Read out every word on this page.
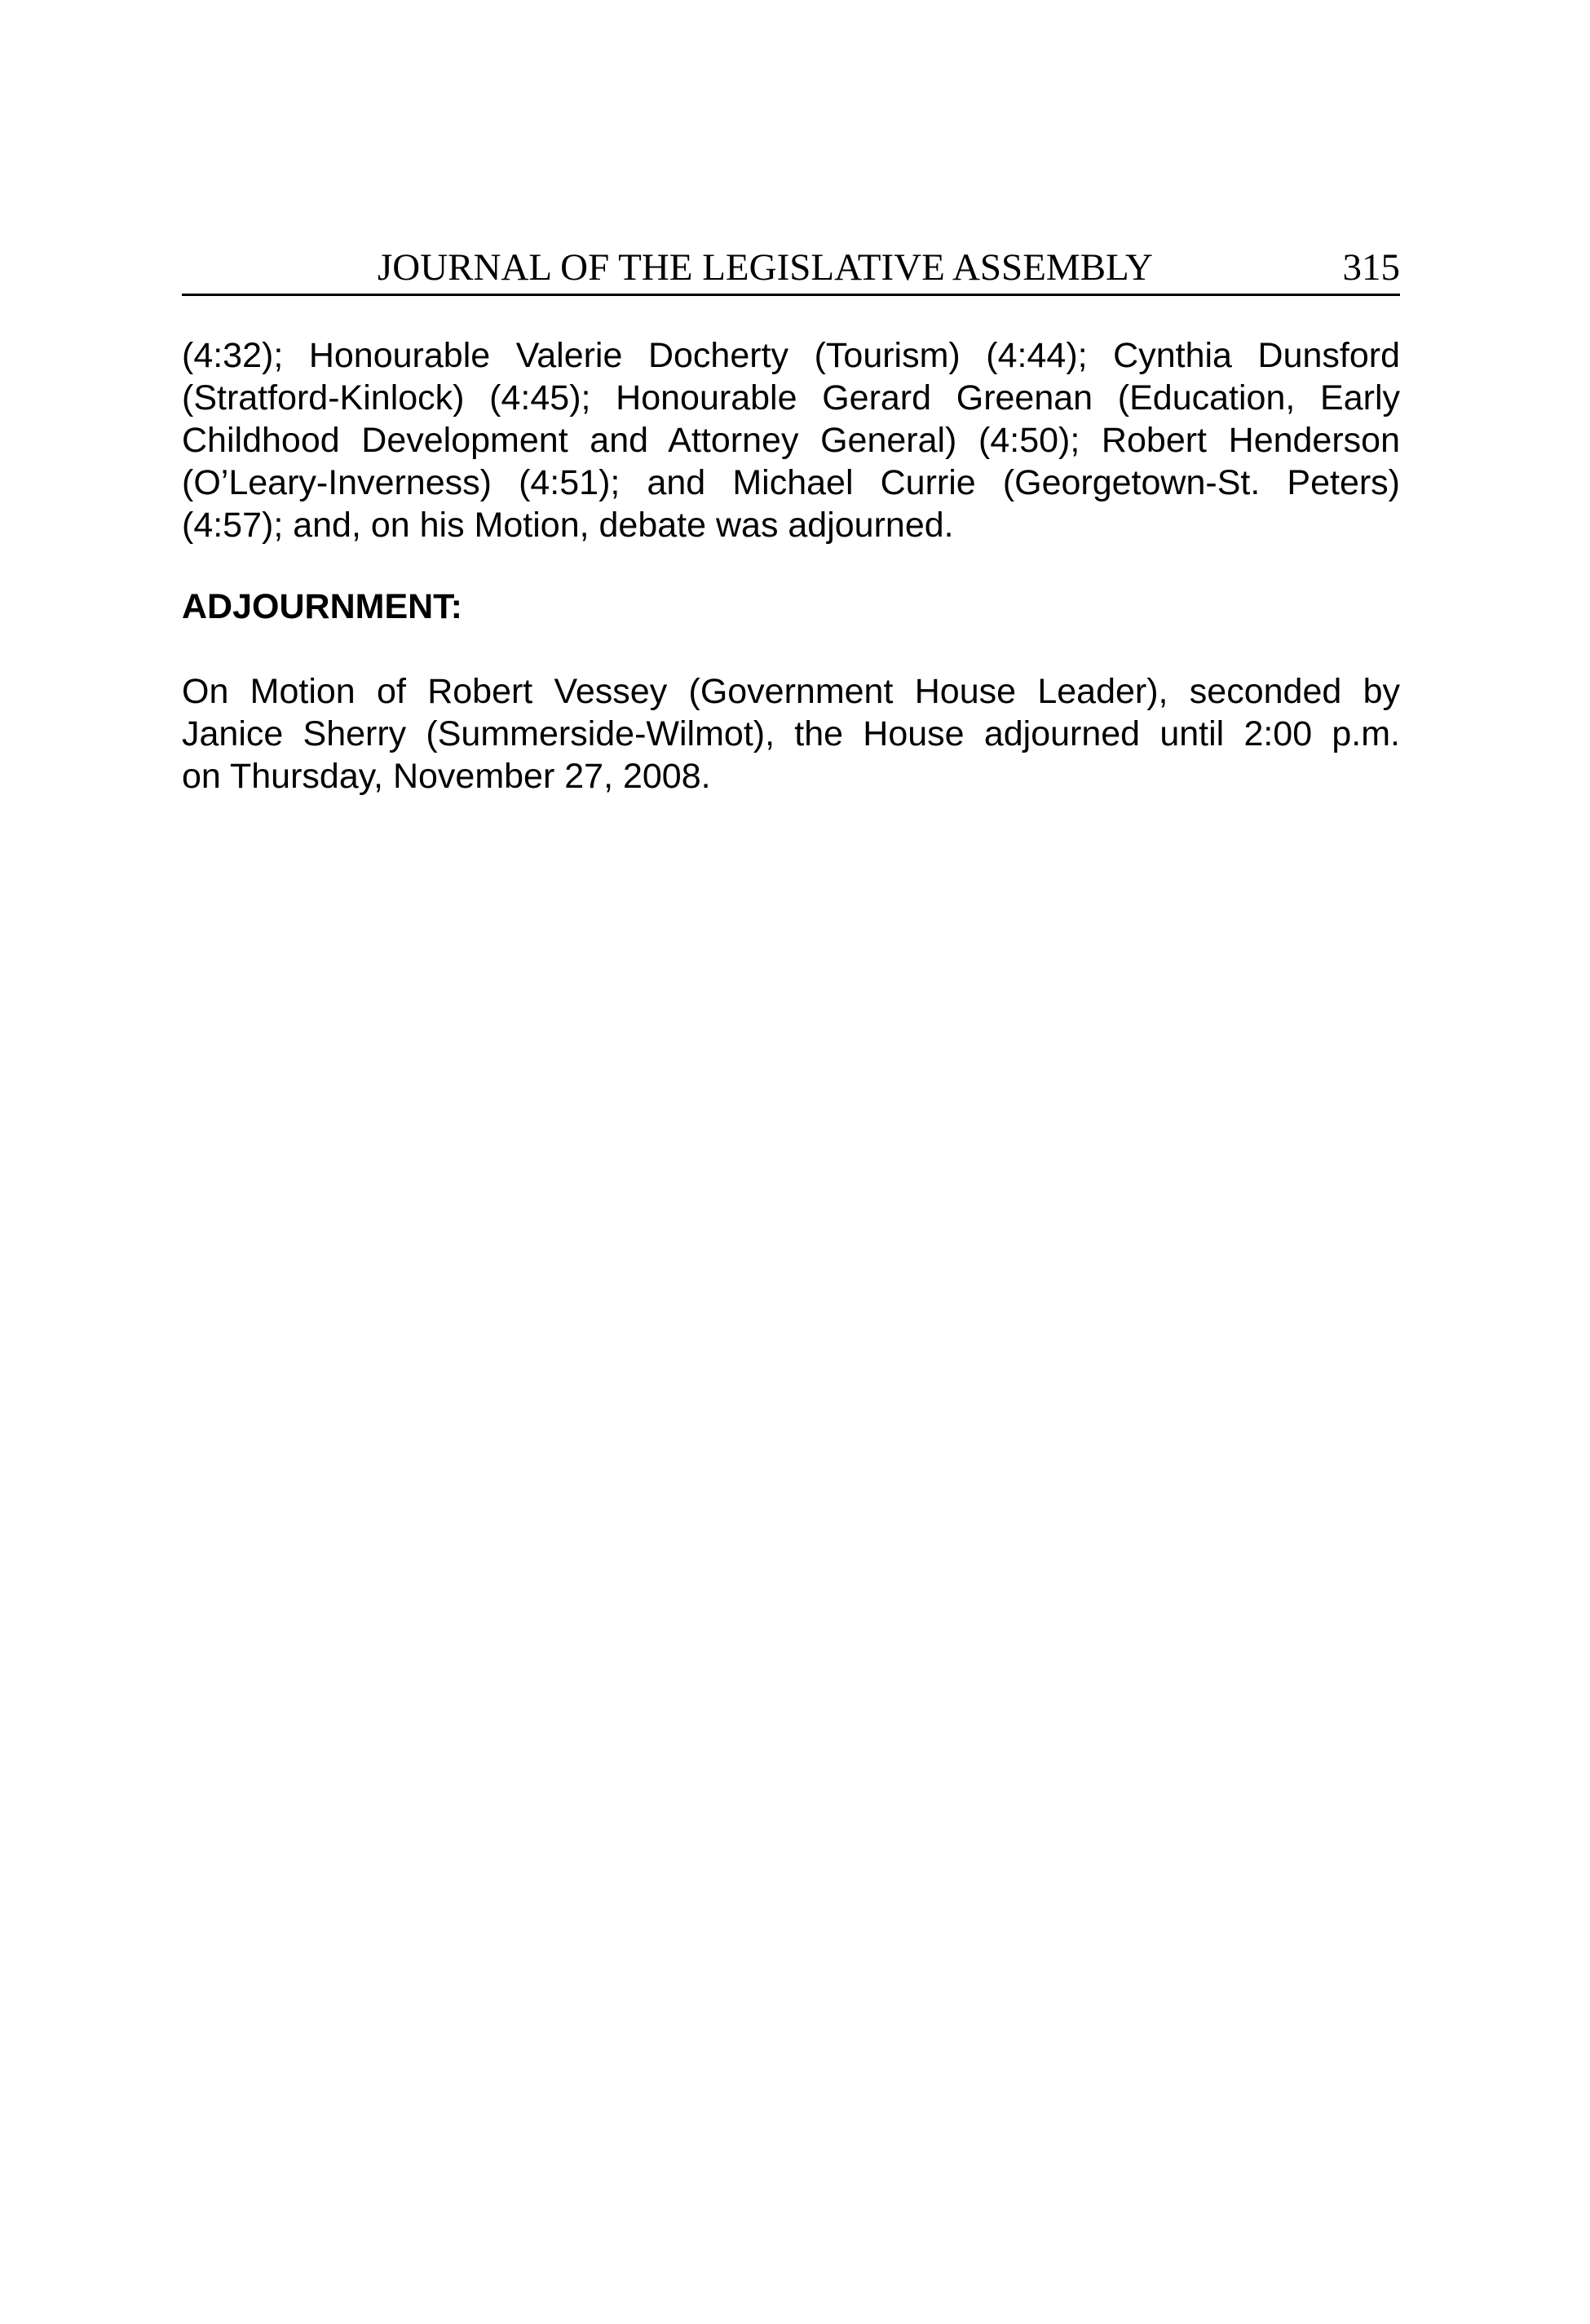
JOURNAL OF THE LEGISLATIVE ASSEMBLY	315

(4:32); Honourable Valerie Docherty (Tourism) (4:44); Cynthia Dunsford
(Stratford-Kinlock) (4:45); Honourable Gerard Greenan (Education, Early
Childhood Development and Attorney General) (4:50); Robert Henderson
(O’Leary-Inverness) (4:51); and Michael Currie (Georgetown-St. Peters)
(4:57); and, on his Motion, debate was adjourned.

ADJOURNMENT:

On Motion of Robert Vessey (Government House Leader), seconded by
Janice Sherry (Summerside-Wilmot), the House adjourned until 2:00 p.m.
on Thursday, November 27, 2008.
